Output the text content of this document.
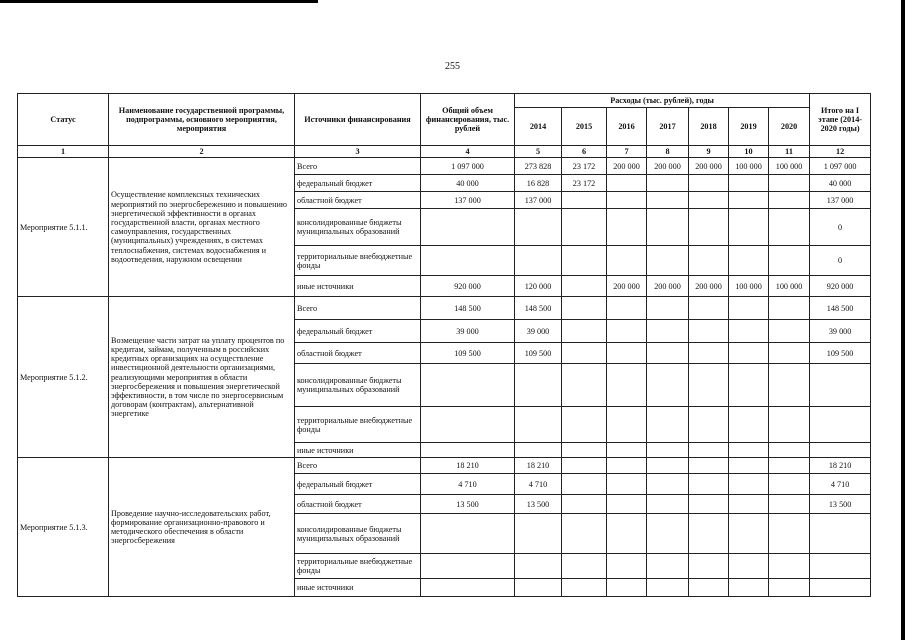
255
Статус	Наименование государственной программы, подпрограммы, основного мероприятия, мероприятия	Источники финансирования	Общий объем финансирования, тыс. рублей	Расходы (тыс. рублей), годы							Итого на I этапе (2014-2020 годы)
				2014	2015	2016	2017	2018	2019	2020	
1	2	3	4	5	6	7	8	9	10	11	12
Мероприятие 5.1.1.	Осуществление комплексных технических мероприятий по энергосбережению и повышению энергетической эффективности в органах государственной власти, органах местного самоуправления, государственных (муниципальных) учреждениях, в системах теплоснабжения, системах водоснабжения и водоотведения, наружном освещении	Всего	1 097 000	273 828	23 172	200 000	200 000	200 000	100 000	100 000	1 097 000
		федеральный бюджет	40 000	16 828	23 172						40 000
		областной бюджет	137 000	137 000							137 000
		консолидированные бюджеты муниципальных образований									0
		территориальные внебюджетные фонды									0
		иные источники	920 000	120 000		200 000	200 000	200 000	100 000	100 000	920 000
Мероприятие 5.1.2.	Возмещение части затрат на уплату процентов по кредитам, займам, полученным в российских кредитных организациях на осуществление инвестиционной деятельности организациями, реализующими мероприятия в области энергосбережения и повышения энергетической эффективности, в том числе по энергосервисным договорам (контрактам), альтернативной энергетике	Всего	148 500	148 500							148 500
		федеральный бюджет	39 000	39 000							39 000
		областной бюджет	109 500	109 500							109 500
		консолидированные бюджеты муниципальных образований									
		территориальные внебюджетные фонды									
		иные источники									
Мероприятие 5.1.3.	Проведение научно-исследовательских работ, формирование организационно-правового и методического обеспечения в области энергосбережения	Всего	18 210	18 210							18 210
		федеральный бюджет	4 710	4 710							4 710
		областной бюджет	13 500	13 500							13 500
		консолидированные бюджеты муниципальных образований									
		территориальные внебюджетные фонды									
		иные источники									
